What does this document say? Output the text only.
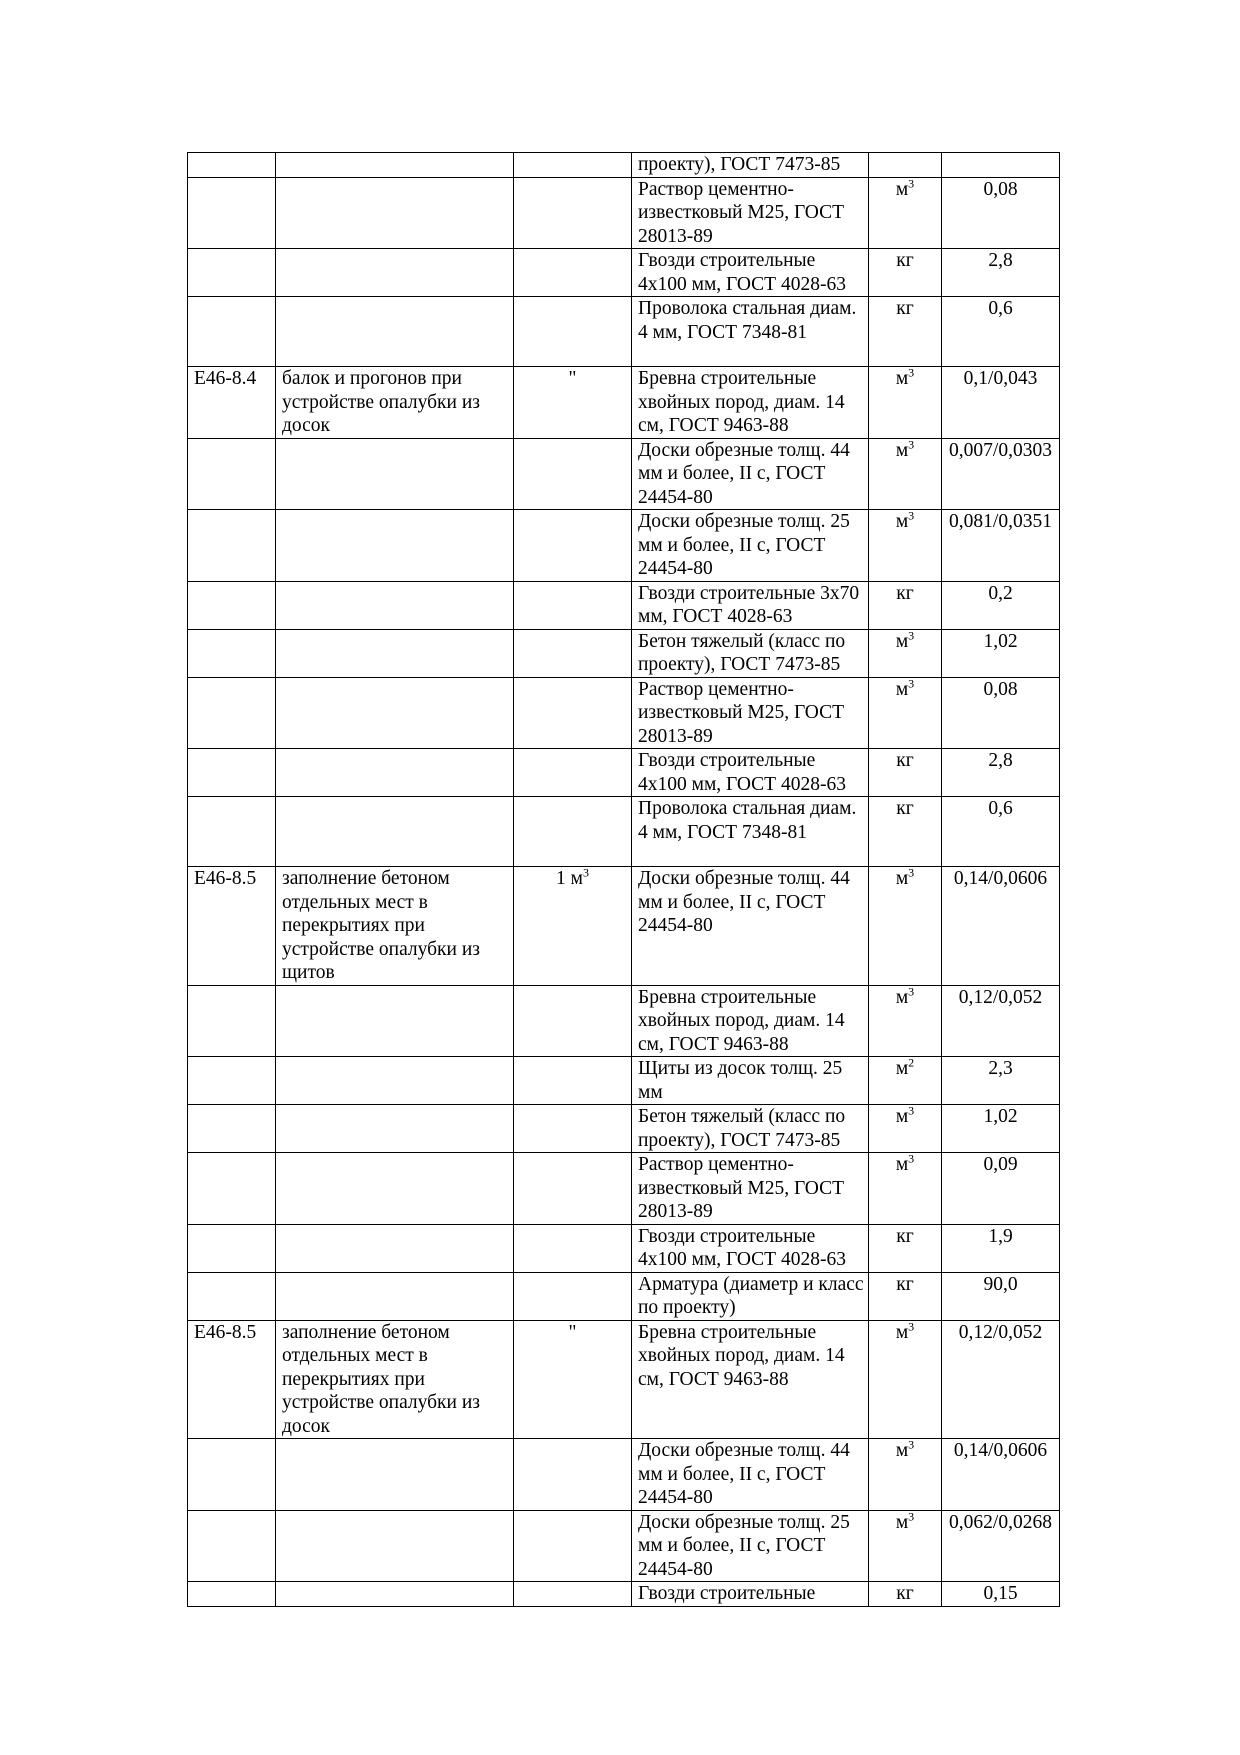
			проекту), ГОСТ 7473-85		
			Раствор цементно-известковый М25, ГОСТ 28013-89	$м^3$	0,08
			Гвозди строительные 4х100 мм, ГОСТ 4028-63	кг	2,8
			Проволока стальная диам. 4 мм, ГОСТ 7348-81	кг	0,6
Е46-8.4	балок и прогонов при устройстве опалубки из досок	"	Бревна строительные хвойных пород, диам. 14 см, ГОСТ 9463-88	$м^3$	0,1/0,043
			Доски обрезные толщ. 44 мм и более, II с, ГОСТ 24454-80	$м^3$	0,007/0,0303
			Доски обрезные толщ. 25 мм и более, II с, ГОСТ 24454-80	$м^3$	0,081/0,0351
			Гвозди строительные 3х70 мм, ГОСТ 4028-63	кг	0,2
			Бетон тяжелый (класс по проекту), ГОСТ 7473-85	$м^3$	1,02
			Раствор цементно-известковый М25, ГОСТ 28013-89	$м^3$	0,08
			Гвозди строительные 4х100 мм, ГОСТ 4028-63	кг	2,8
			Проволока стальная диам. 4 мм, ГОСТ 7348-81	кг	0,6
Е46-8.5	заполнение бетоном отдельных мест в перекрытиях при устройстве опалубки из щитов	1 $м^3$	Доски обрезные толщ. 44 мм и более, II с, ГОСТ 24454-80	$м^3$	0,14/0,0606
			Бревна строительные хвойных пород, диам. 14 см, ГОСТ 9463-88	$м^3$	0,12/0,052
			Щиты из досок толщ. 25 мм	$м^2$	2,3
			Бетон тяжелый (класс по проекту), ГОСТ 7473-85	$м^3$	1,02
			Раствор цементно-известковый М25, ГОСТ 28013-89	$м^3$	0,09
			Гвозди строительные 4х100 мм, ГОСТ 4028-63	кг	1,9
			Арматура (диаметр и класс по проекту)	кг	90,0
Е46-8.5	заполнение бетоном отдельных мест в перекрытиях при устройстве опалубки из досок	"	Бревна строительные хвойных пород, диам. 14 см, ГОСТ 9463-88	$м^3$	0,12/0,052
			Доски обрезные толщ. 44 мм и более, II с, ГОСТ 24454-80	$м^3$	0,14/0,0606
			Доски обрезные толщ. 25 мм и более, II с, ГОСТ 24454-80	$м^3$	0,062/0,0268
			Гвозди строительные	кг	0,15
